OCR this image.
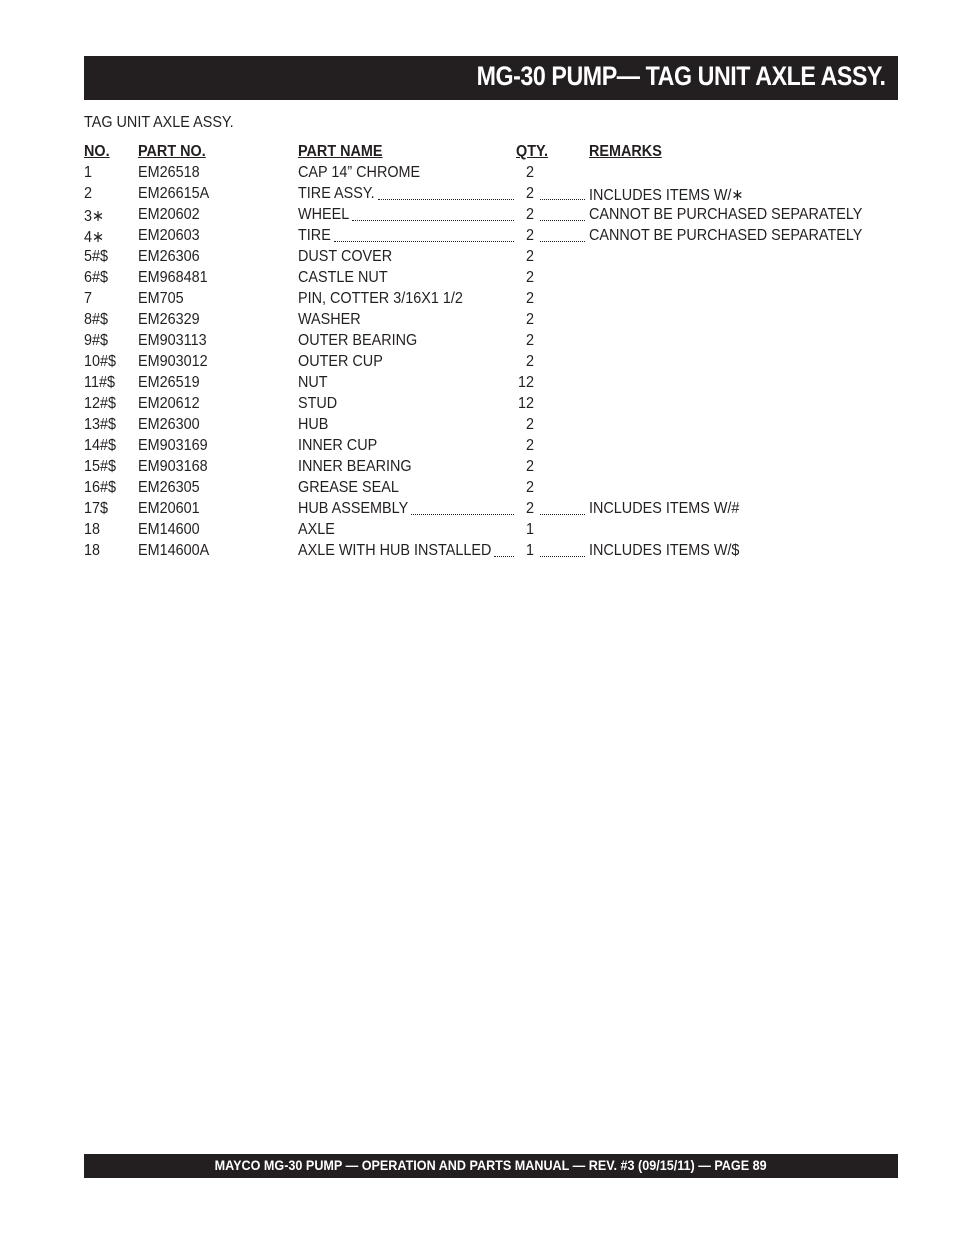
MG-30 PUMP— TAG UNIT AXLE ASSY.
TAG UNIT AXLE ASSY.
NO. PART NO.	PART NAME	QTY.	REMARKS
1	EM26518	CAP 14” CHROME	2
2	EM26615A	TIRE ASSY.	2	INCLUDES ITEMS W/∗
3∗ EM20602	WHEEL	2	CANNOT BE PURCHASED SEPARATELY
4∗ EM20603	TIRE	2	CANNOT BE PURCHASED SEPARATELY
5#$ EM26306	DUST COVER	2
6#$ EM968481	CASTLE NUT	2
7	EM705	PIN, COTTER 3/16X1 1/2	2
8#$ EM26329	WASHER	2
9#$ EM903113	OUTER BEARING	2
10#$ EM903012	OUTER CUP	2
11#$ EM26519	NUT	12
12#$ EM20612	STUD	12
13#$ EM26300	HUB	2
14#$ EM903169	INNER CUP	2
15#$ EM903168	INNER BEARING	2
16#$ EM26305	GREASE SEAL	2
17$ EM20601	HUB ASSEMBLY	2	INCLUDES ITEMS W/#
18 EM14600	AXLE	1
18 EM14600A	AXLE WITH HUB INSTALLED	1	INCLUDES ITEMS W/$
MAYCO MG-30 PUMP — OPERATION AND PARTS MANUAL — REV. #3 (09/15/11) — PAGE 89
